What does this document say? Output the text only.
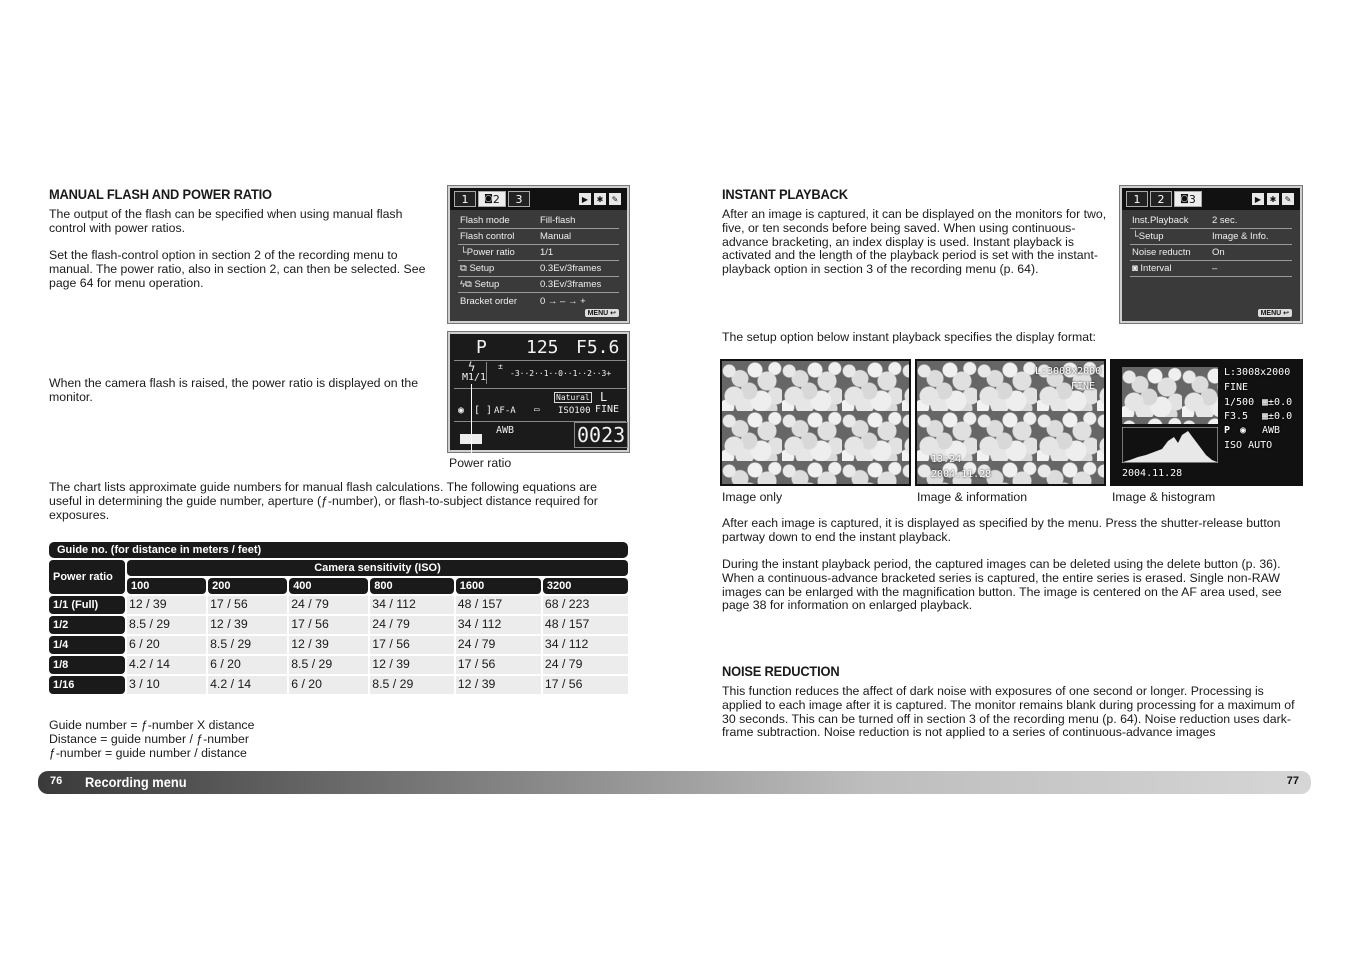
MANUAL FLASH AND POWER RATIO

The output of the flash can be specified when using manual flash control with power ratios.

Set the flash-control option in section 2 of the recording menu to manual. The power ratio, also in section 2, can then be selected. See page 64 for menu operation.

1	◙ 2	3	▶	✱	✎
Flash mode	Fill-flash
Flash control	Manual
└Power ratio	1/1
⧉ Setup	0.3Ev/3frames
ϟ⧉ Setup	0.3Ev/3frames
Bracket order	0 → – → +
MENU ↩

When the camera flash is raised, the power ratio is displayed on the monitor.

P 125 F5.6
ϟ
M1/1
±
-3··2··1··0··1··2··3+
◉ [ ] AF-A ▭
Natural
ISO100
L
FINE
AWB	0023
Power ratio

The chart lists approximate guide numbers for manual flash calculations. The following equations are useful in determining the guide number, aperture (ƒ-number), or flash-to-subject distance required for exposures.

Guide no. (for distance in meters / feet)
Power ratio	Camera sensitivity (ISO)					
	100	200	400	800	1600	3200
1/1 (Full)	12 / 39	17 / 56	24 / 79	34 / 112	48 / 157	68 / 223
1/2	8.5 / 29	12 / 39	17 / 56	24 / 79	34 / 112	48 / 157
1/4	6 / 20	8.5 / 29	12 / 39	17 / 56	24 / 79	34 / 112
1/8	4.2 / 14	6 / 20	8.5 / 29	12 / 39	17 / 56	24 / 79
1/16	3 / 10	4.2 / 14	6 / 20	8.5 / 29	12 / 39	17 / 56

Guide number = ƒ-number X distance

Distance = guide number / ƒ-number

ƒ-number = guide number / distance

INSTANT PLAYBACK

After an image is captured, it can be displayed on the monitors for two, five, or ten seconds before being saved. When using continuous-advance bracketing, an index display is used. Instant playback is activated and the length of the playback period is set with the instant-playback option in section 3 of the recording menu (p. 64).

1	2	◙ 3	▶	✱	✎
Inst.Playback	2 sec.
└Setup	Image & Info.
Noise reductn	On
◙ Interval	–
MENU ↩

The setup option below instant playback specifies the display format:

L:3008x2000
FINE
13:24
2004.11.28	2004.11.28
L:3008x2000
FINE
1/500 ▦±0.0
F3.5 ▦±0.0
P ◉ AWB
ISO AUTO
Image only	Image & information	Image & histogram

After each image is captured, it is displayed as specified by the menu. Press the shutter-release button partway down to end the instant playback.

During the instant playback period, the captured images can be deleted using the delete button (p. 36). When a continuous-advance bracketed series is captured, the entire series is erased. Single non-RAW images can be enlarged with the magnification button. The image is centered on the AF area used, see page 38 for information on enlarged playback.

NOISE REDUCTION

This function reduces the affect of dark noise with exposures of one second or longer. Processing is applied to each image after it is captured. The monitor remains blank during processing for a maximum of 30 seconds. This can be turned off in section 3 of the recording menu (p. 64). Noise reduction uses dark-frame subtraction. Noise reduction is not applied to a series of continuous-advance images

76 Recording menu	77
